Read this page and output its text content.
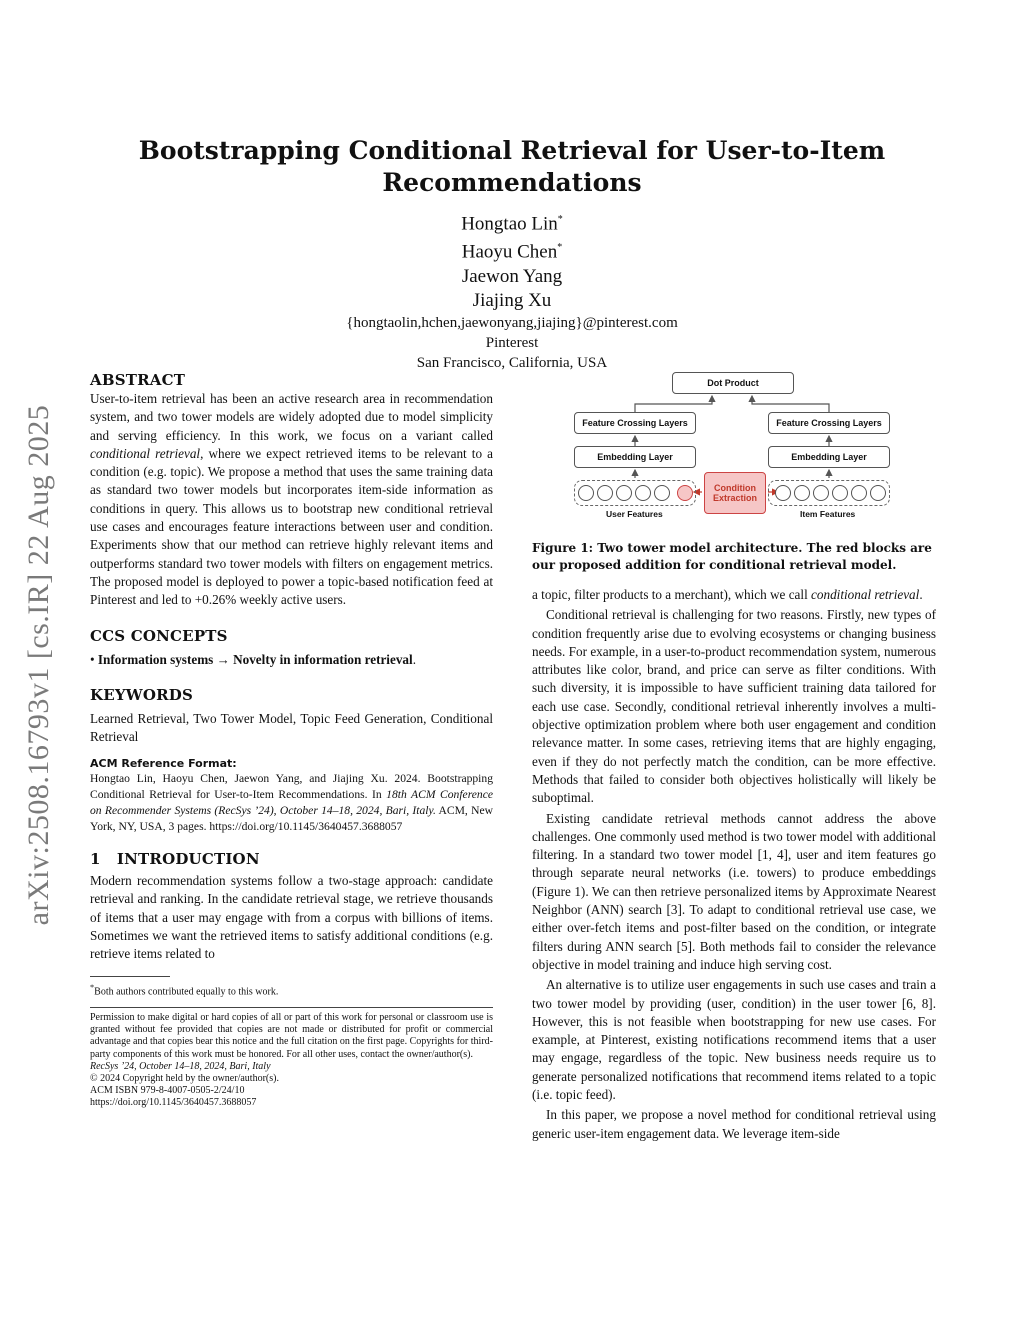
arXiv:2508.16793v1 [cs.IR] 22 Aug 2025
Bootstrapping Conditional Retrieval for User-to-Item Recommendations
Hongtao Lin*
Haoyu Chen*
Jaewon Yang
Jiajing Xu
{hongtaolin,hchen,jaewonyang,jiajing}@pinterest.com
Pinterest
San Francisco, California, USA
ABSTRACT

User-to-item retrieval has been an active research area in recommendation system, and two tower models are widely adopted due to model simplicity and serving efficiency. In this work, we focus on a variant called conditional retrieval, where we expect retrieved items to be relevant to a condition (e.g. topic). We propose a method that uses the same training data as standard two tower models but incorporates item-side information as conditions in query. This allows us to bootstrap new conditional retrieval use cases and encourages feature interactions between user and condition. Experiments show that our method can retrieve highly relevant items and outperforms standard two tower models with filters on engagement metrics. The proposed model is deployed to power a topic-based notification feed at Pinterest and led to +0.26% weekly active users.

CCS CONCEPTS

• Information systems → Novelty in information retrieval.

KEYWORDS

Learned Retrieval, Two Tower Model, Topic Feed Generation, Conditional Retrieval

ACM Reference Format:

Hongtao Lin, Haoyu Chen, Jaewon Yang, and Jiajing Xu. 2024. Bootstrapping Conditional Retrieval for User-to-Item Recommendations. In 18th ACM Conference on Recommender Systems (RecSys ’24), October 14–18, 2024, Bari, Italy. ACM, New York, NY, USA, 3 pages. https://doi.org/10.1145/3640457.3688057

1 INTRODUCTION

Modern recommendation systems follow a two-stage approach: candidate retrieval and ranking. In the candidate retrieval stage, we retrieve thousands of items that a user may engage with from a corpus with billions of items. Sometimes we want the retrieved items to satisfy additional conditions (e.g. retrieve items related to

*Both authors contributed equally to this work.

Permission to make digital or hard copies of all or part of this work for personal or classroom use is granted without fee provided that copies are not made or distributed for profit or commercial advantage and that copies bear this notice and the full citation on the first page. Copyrights for third-party components of this work must be honored. For all other uses, contact the owner/author(s).

RecSys ’24, October 14–18, 2024, Bari, Italy

© 2024 Copyright held by the owner/author(s).

ACM ISBN 979-8-4007-0505-2/24/10

https://doi.org/10.1145/3640457.3688057

Dot Product
Feature Crossing Layers	Feature Crossing Layers
Embedding Layer	Embedding Layer
Condition
Extraction
User Features	Item Features

Figure 1: Two tower model architecture. The red blocks are our proposed addition for conditional retrieval model.

a topic, filter products to a merchant), which we call conditional retrieval.

Conditional retrieval is challenging for two reasons. Firstly, new types of condition frequently arise due to evolving ecosystems or changing business needs. For example, in a user-to-product recommendation system, numerous attributes like color, brand, and price can serve as filter conditions. With such diversity, it is impossible to have sufficient training data tailored for each use case. Secondly, conditional retrieval inherently involves a multi-objective optimization problem where both user engagement and condition relevance matter. In some cases, retrieving items that are highly engaging, even if they do not perfectly match the condition, can be more effective. Methods that failed to consider both objectives holistically will likely be suboptimal.

Existing candidate retrieval methods cannot address the above challenges. One commonly used method is two tower model with additional filtering. In a standard two tower model [1, 4], user and item features go through separate neural networks (i.e. towers) to produce embeddings (Figure 1). We can then retrieve personalized items by Approximate Nearest Neighbor (ANN) search [3]. To adapt to conditional retrieval use case, we either over-fetch items and post-filter based on the condition, or integrate filters during ANN search [5]. Both methods fail to consider the relevance objective in model training and induce high serving cost.

An alternative is to utilize user engagements in such use cases and train a two tower model by providing (user, condition) in the user tower [6, 8]. However, this is not feasible when bootstrapping for new use cases. For example, at Pinterest, existing notifications recommend items that a user may engage, regardless of the topic. New business needs require us to generate personalized notifications that recommend items related to a topic (i.e. topic feed).

In this paper, we propose a novel method for conditional retrieval using generic user-item engagement data. We leverage item-side
